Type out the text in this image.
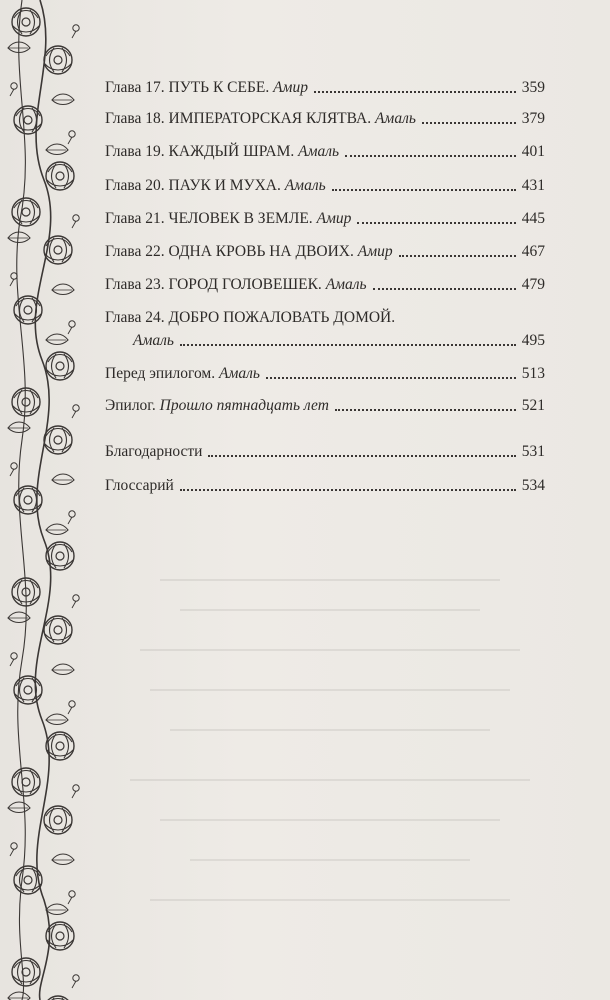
Глава 17. ПУТЬ К СЕБЕ. Амир	359
Глава 18. ИМПЕРАТОРСКАЯ КЛЯТВА. Амаль	379
Глава 19. КАЖДЫЙ ШРАМ. Амаль	401
Глава 20. ПАУК И МУХА. Амаль	431
Глава 21. ЧЕЛОВЕК В ЗЕМЛЕ. Амир	445
Глава 22. ОДНА КРОВЬ НА ДВОИХ. Амир	467
Глава 23. ГОРОД ГОЛОВЕШЕК. Амаль	479
Глава 24. ДОБРО ПОЖАЛОВАТЬ ДОМОЙ.
Амаль	495
Перед эпилогом. Амаль	513
Эпилог. Прошло пятнадцать лет	521
Благодарности	531
Глоссарий	534
